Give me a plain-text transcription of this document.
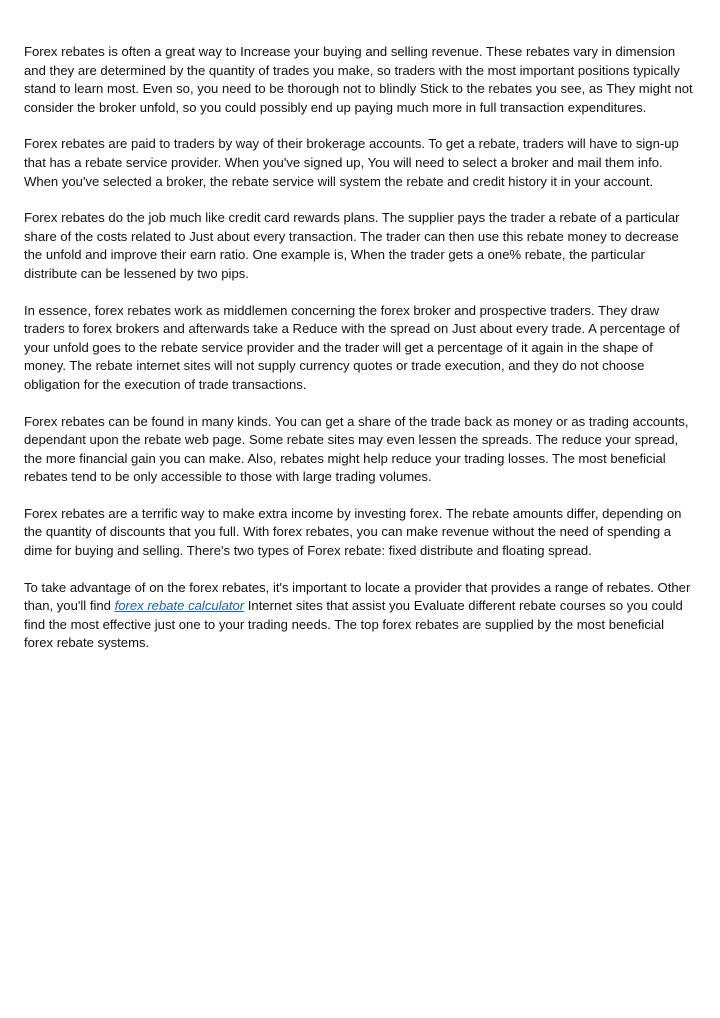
Forex rebates is often a great way to Increase your buying and selling revenue. These rebates vary in dimension and they are determined by the quantity of trades you make, so traders with the most important positions typically stand to learn most. Even so, you need to be thorough not to blindly Stick to the rebates you see, as They might not consider the broker unfold, so you could possibly end up paying much more in full transaction expenditures.

Forex rebates are paid to traders by way of their brokerage accounts. To get a rebate, traders will have to sign-up that has a rebate service provider. When you've signed up, You will need to select a broker and mail them info. When you've selected a broker, the rebate service will system the rebate and credit history it in your account.

Forex rebates do the job much like credit card rewards plans. The supplier pays the trader a rebate of a particular share of the costs related to Just about every transaction. The trader can then use this rebate money to decrease the unfold and improve their earn ratio. One example is, When the trader gets a one% rebate, the particular distribute can be lessened by two pips.

In essence, forex rebates work as middlemen concerning the forex broker and prospective traders. They draw traders to forex brokers and afterwards take a Reduce with the spread on Just about every trade. A percentage of your unfold goes to the rebate service provider and the trader will get a percentage of it again in the shape of money. The rebate internet sites will not supply currency quotes or trade execution, and they do not choose obligation for the execution of trade transactions.

Forex rebates can be found in many kinds. You can get a share of the trade back as money or as trading accounts, dependant upon the rebate web page. Some rebate sites may even lessen the spreads. The reduce your spread, the more financial gain you can make. Also, rebates might help reduce your trading losses. The most beneficial rebates tend to be only accessible to those with large trading volumes.

Forex rebates are a terrific way to make extra income by investing forex. The rebate amounts differ, depending on the quantity of discounts that you full. With forex rebates, you can make revenue without the need of spending a dime for buying and selling. There's two types of Forex rebate: fixed distribute and floating spread.

To take advantage of on the forex rebates, it's important to locate a provider that provides a range of rebates. Other than, you'll find forex rebate calculator Internet sites that assist you Evaluate different rebate courses so you could find the most effective just one to your trading needs. The top forex rebates are supplied by the most beneficial forex rebate systems.
